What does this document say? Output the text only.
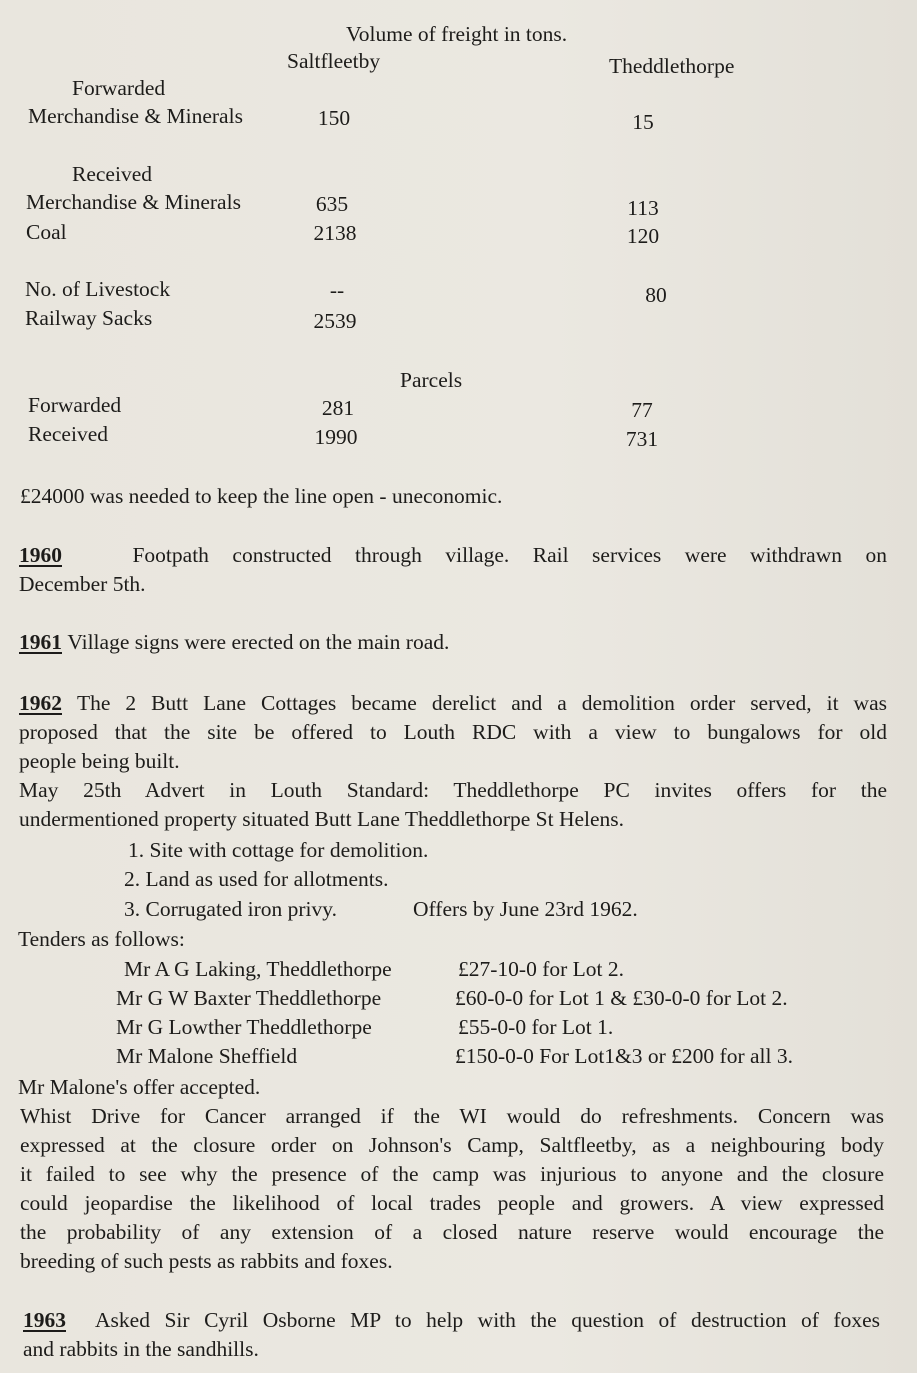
Volume of freight in tons.
Saltfleetby	Theddlethorpe
Forwarded
Merchandise & Minerals	150	15
Received
Merchandise & Minerals	635	113
Coal	2138	120
No. of Livestock	--	80
Railway Sacks	2539
Parcels
Forwarded	281	77
Received	1990	731
£24000 was needed to keep the line open - uneconomic.
1960	Footpath constructed through village. Rail services were withdrawn on
December 5th.
1961 Village signs were erected on the main road.
1962 The 2 Butt Lane Cottages became derelict and a demolition order served, it was
proposed that the site be offered to Louth RDC with a view to bungalows for old
people being built.
May 25th Advert in Louth Standard: Theddlethorpe PC invites offers for the
undermentioned property situated Butt Lane Theddlethorpe St Helens.
1. Site with cottage for demolition.
2. Land as used for allotments.
3. Corrugated iron privy.	Offers by June 23rd 1962.
Tenders as follows:
Mr A G Laking, Theddlethorpe	£27-10-0 for Lot 2.
Mr G W Baxter Theddlethorpe	£60-0-0 for Lot 1 & £30-0-0 for Lot 2.
Mr G Lowther Theddlethorpe	£55-0-0 for Lot 1.
Mr Malone Sheffield	£150-0-0 For Lot1&3 or £200 for all 3.
Mr Malone's offer accepted.
Whist Drive for Cancer arranged if the WI would do refreshments. Concern was
expressed at the closure order on Johnson's Camp, Saltfleetby, as a neighbouring body
it failed to see why the presence of the camp was injurious to anyone and the closure
could jeopardise the likelihood of local trades people and growers. A view expressed
the probability of any extension of a closed nature reserve would encourage the
breeding of such pests as rabbits and foxes.
1963 Asked Sir Cyril Osborne MP to help with the question of destruction of foxes
and rabbits in the sandhills.
